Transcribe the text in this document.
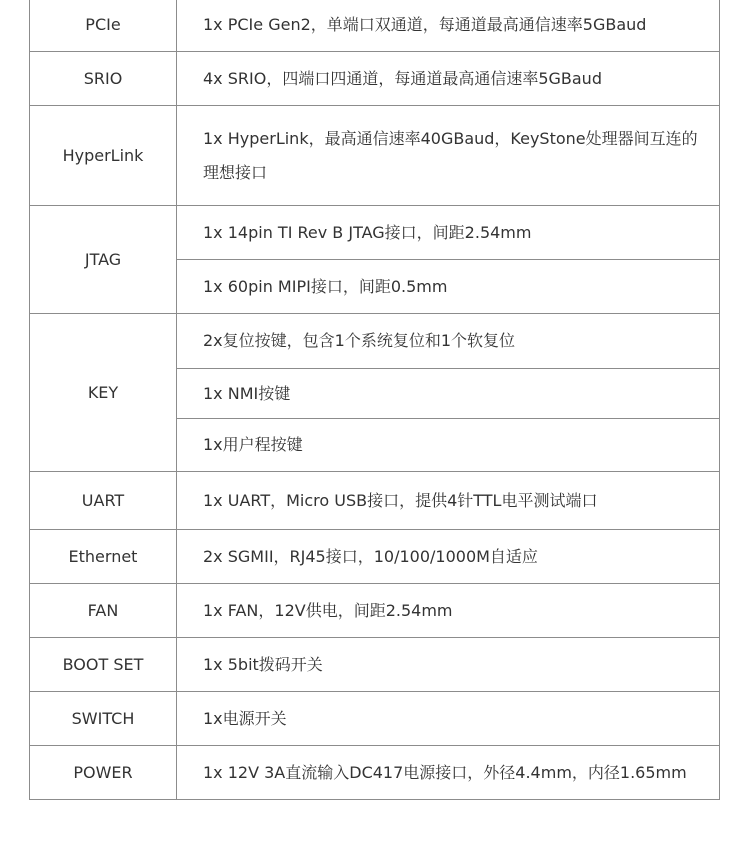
PCIe	1x PCIe Gen2，单端口双通道，每通道最高通信速率5GBaud
SRIO	4x SRIO，四端口四通道，每通道最高通信速率5GBaud
HyperLink	1x HyperLink，最高通信速率40GBaud，KeyStone处理器间互连的理想接口
JTAG	1x 14pin TI Rev B JTAG接口，间距2.54mm
	1x 60pin MIPI接口，间距0.5mm
KEY	2x复位按键，包含1个系统复位和1个软复位
	1x NMI按键
	1x用户程按键
UART	1x UART，Micro USB接口，提供4针TTL电平测试端口
Ethernet	2x SGMII，RJ45接口，10/100/1000M自适应
FAN	1x FAN，12V供电，间距2.54mm
BOOT SET	1x 5bit拨码开关
SWITCH	1x电源开关
POWER	1x 12V 3A直流输入DC417电源接口，外径4.4mm，内径1.65mm
